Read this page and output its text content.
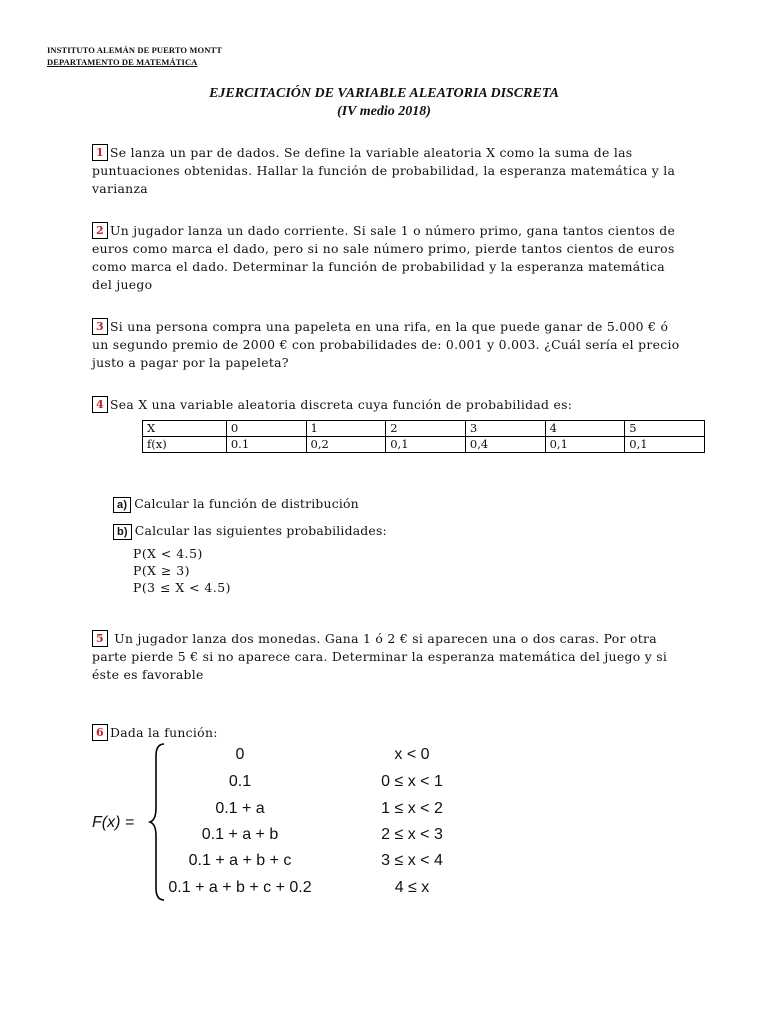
INSTITUTO ALEMÁN DE PUERTO MONTT
DEPARTAMENTO DE MATEMÁTICA
EJERCITACIÓN DE VARIABLE ALEATORIA DISCRETA
(IV medio 2018)

1 Se lanza un par de dados. Se define la variable aleatoria X como la suma de las puntuaciones obtenidas. Hallar la función de probabilidad, la esperanza matemática y la varianza

2 Un jugador lanza un dado corriente. Si sale 1 o número primo, gana tantos cientos de euros como marca el dado, pero si no sale número primo, pierde tantos cientos de euros como marca el dado. Determinar la función de probabilidad y la esperanza matemática del juego

3 Si una persona compra una papeleta en una rifa, en la que puede ganar de 5.000 € ó un segundo premio de 2000 € con probabilidades de: 0.001 y 0.003. ¿Cuál sería el precio justo a pagar por la papeleta?

4 Sea X una variable aleatoria discreta cuya función de probabilidad es:

X	0	1	2	3	4	5
f(x)	0.1	0,2	0,1	0,4	0,1	0,1
a) Calcular la función de distribución
b) Calcular las siguientes probabilidades:
P(X < 4.5)
P(X ≥ 3)
P(3 ≤ X < 4.5)

5 Un jugador lanza dos monedas. Gana 1 ó 2 € si aparecen una o dos caras. Por otra parte pierde 5 € si no aparece cara. Determinar la esperanza matemática del juego y si éste es favorable

6 Dada la función:

F(x) =
0	x < 0
0.1	0 ≤ x < 1
0.1 + a	1 ≤ x < 2
0.1 + a + b	2 ≤ x < 3
0.1 + a + b + c	3 ≤ x < 4
0.1 + a + b + c + 0.2	4 ≤ x
